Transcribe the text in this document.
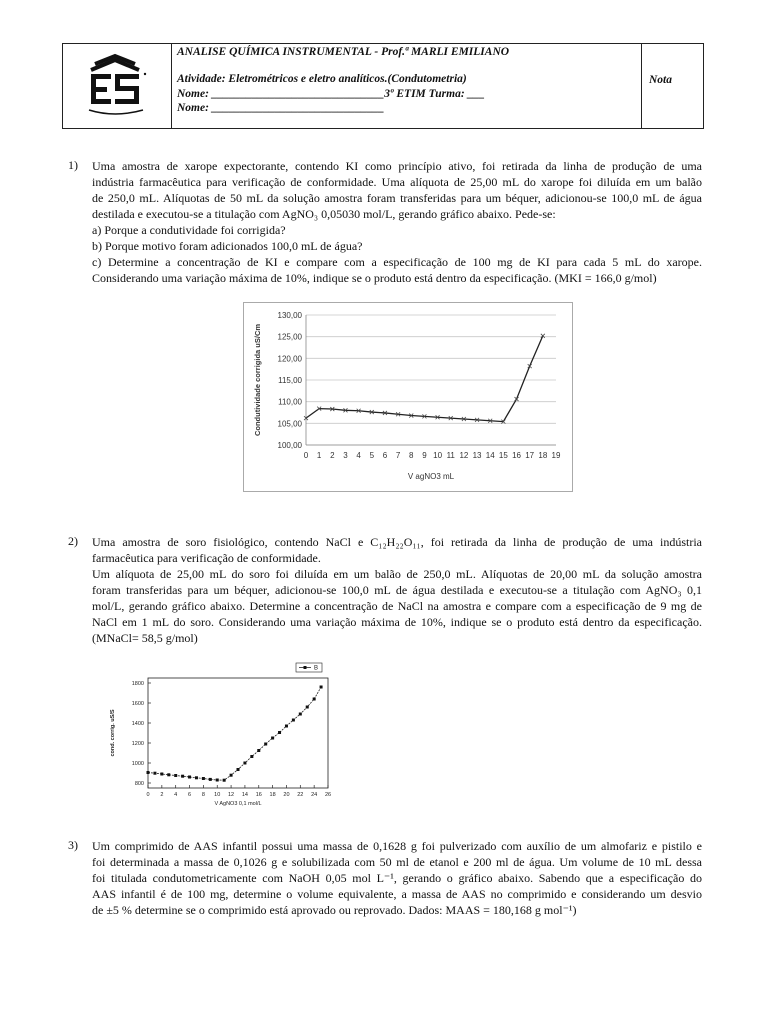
ANALISE QUÍMICA INSTRUMENTAL - Prof.ª MARLI EMILIANO
Atividade: Eletrométricos e eletro analíticos.(Condutometria)
Nome: ______________________________3º ETIM Turma: ___
Nome: ______________________________
Nota
1) Uma amostra de xarope expectorante, contendo KI como princípio ativo, foi retirada da linha de produção de uma
indústria farmacêutica para verificação de conformidade. Uma alíquota de 25,00 mL do xarope foi diluída em um balão
de 250,0 mL. Alíquotas de 50 mL da solução amostra foram transferidas para um béquer, adicionou-se 100,0 mL de água
destilada e executou-se a titulação com AgNO₃ 0,05030 mol/L, gerando gráfico abaixo. Pede-se:
a) Porque a condutividade foi corrigida?
b) Porque motivo foram adicionados 100,0 mL de água?
c) Determine a concentração de KI e compare com a especificação de 100 mg de KI para cada 5 mL do xarope.
Considerando uma variação máxima de 10%, indique se o produto está dentro da especificação. (MKI = 166,0 g/mol)
100,00
105,00
110,00
115,00
120,00
125,00
130,00
0 1 2 3 4 5 6 7 8 9 10 11 12 13 14 15 16 17 18 19
V agNO3 mL
Condutividade corrigida uS/Cm
2) Uma amostra de soro fisiológico, contendo NaCl e C₁₂H₂₂O₁₁, foi retirada da linha de produção de uma indústria
farmacêutica para verificação de conformidade.
Um alíquota de 25,00 mL do soro foi diluída em um balão de 250,0 mL. Alíquotas de 20,00 mL da solução amostra
foram transferidas para um béquer, adicionou-se 100,0 mL de água destilada e executou-se a titulação com AgNO₃ 0,1
mol/L, gerando gráfico abaixo. Determine a concentração de NaCl na amostra e compare com a especificação de 9 mg de
NaCl em 1 mL do soro. Considerando uma variação máxima de 10%, indique se o produto está dentro da especificação.
(MNaCl= 58,5 g/mol)
800
1000
1200
1400
1600
1800
0 2 4 6 8 10 12 14 16 18 20 22 24 26
V AgNO3 0,1 mol/L
cond. corrig. uS/S
B
3) Um comprimido de AAS infantil possui uma massa de 0,1628 g foi pulverizado com auxílio de um almofariz e pistilo e
foi determinada a massa de 0,1026 g e solubilizada com 50 ml de etanol e 200 ml de água. Um volume de 10 mL dessa
foi titulada condutometricamente com NaOH 0,05 mol L⁻¹, gerando o gráfico abaixo. Sabendo que a especificação do
AAS infantil é de 100 mg, determine o volume equivalente, a massa de AAS no comprimido e considerando um desvio
de ±5 % determine se o comprimido está aprovado ou reprovado. Dados: MAAS = 180,168 g mol⁻¹)
